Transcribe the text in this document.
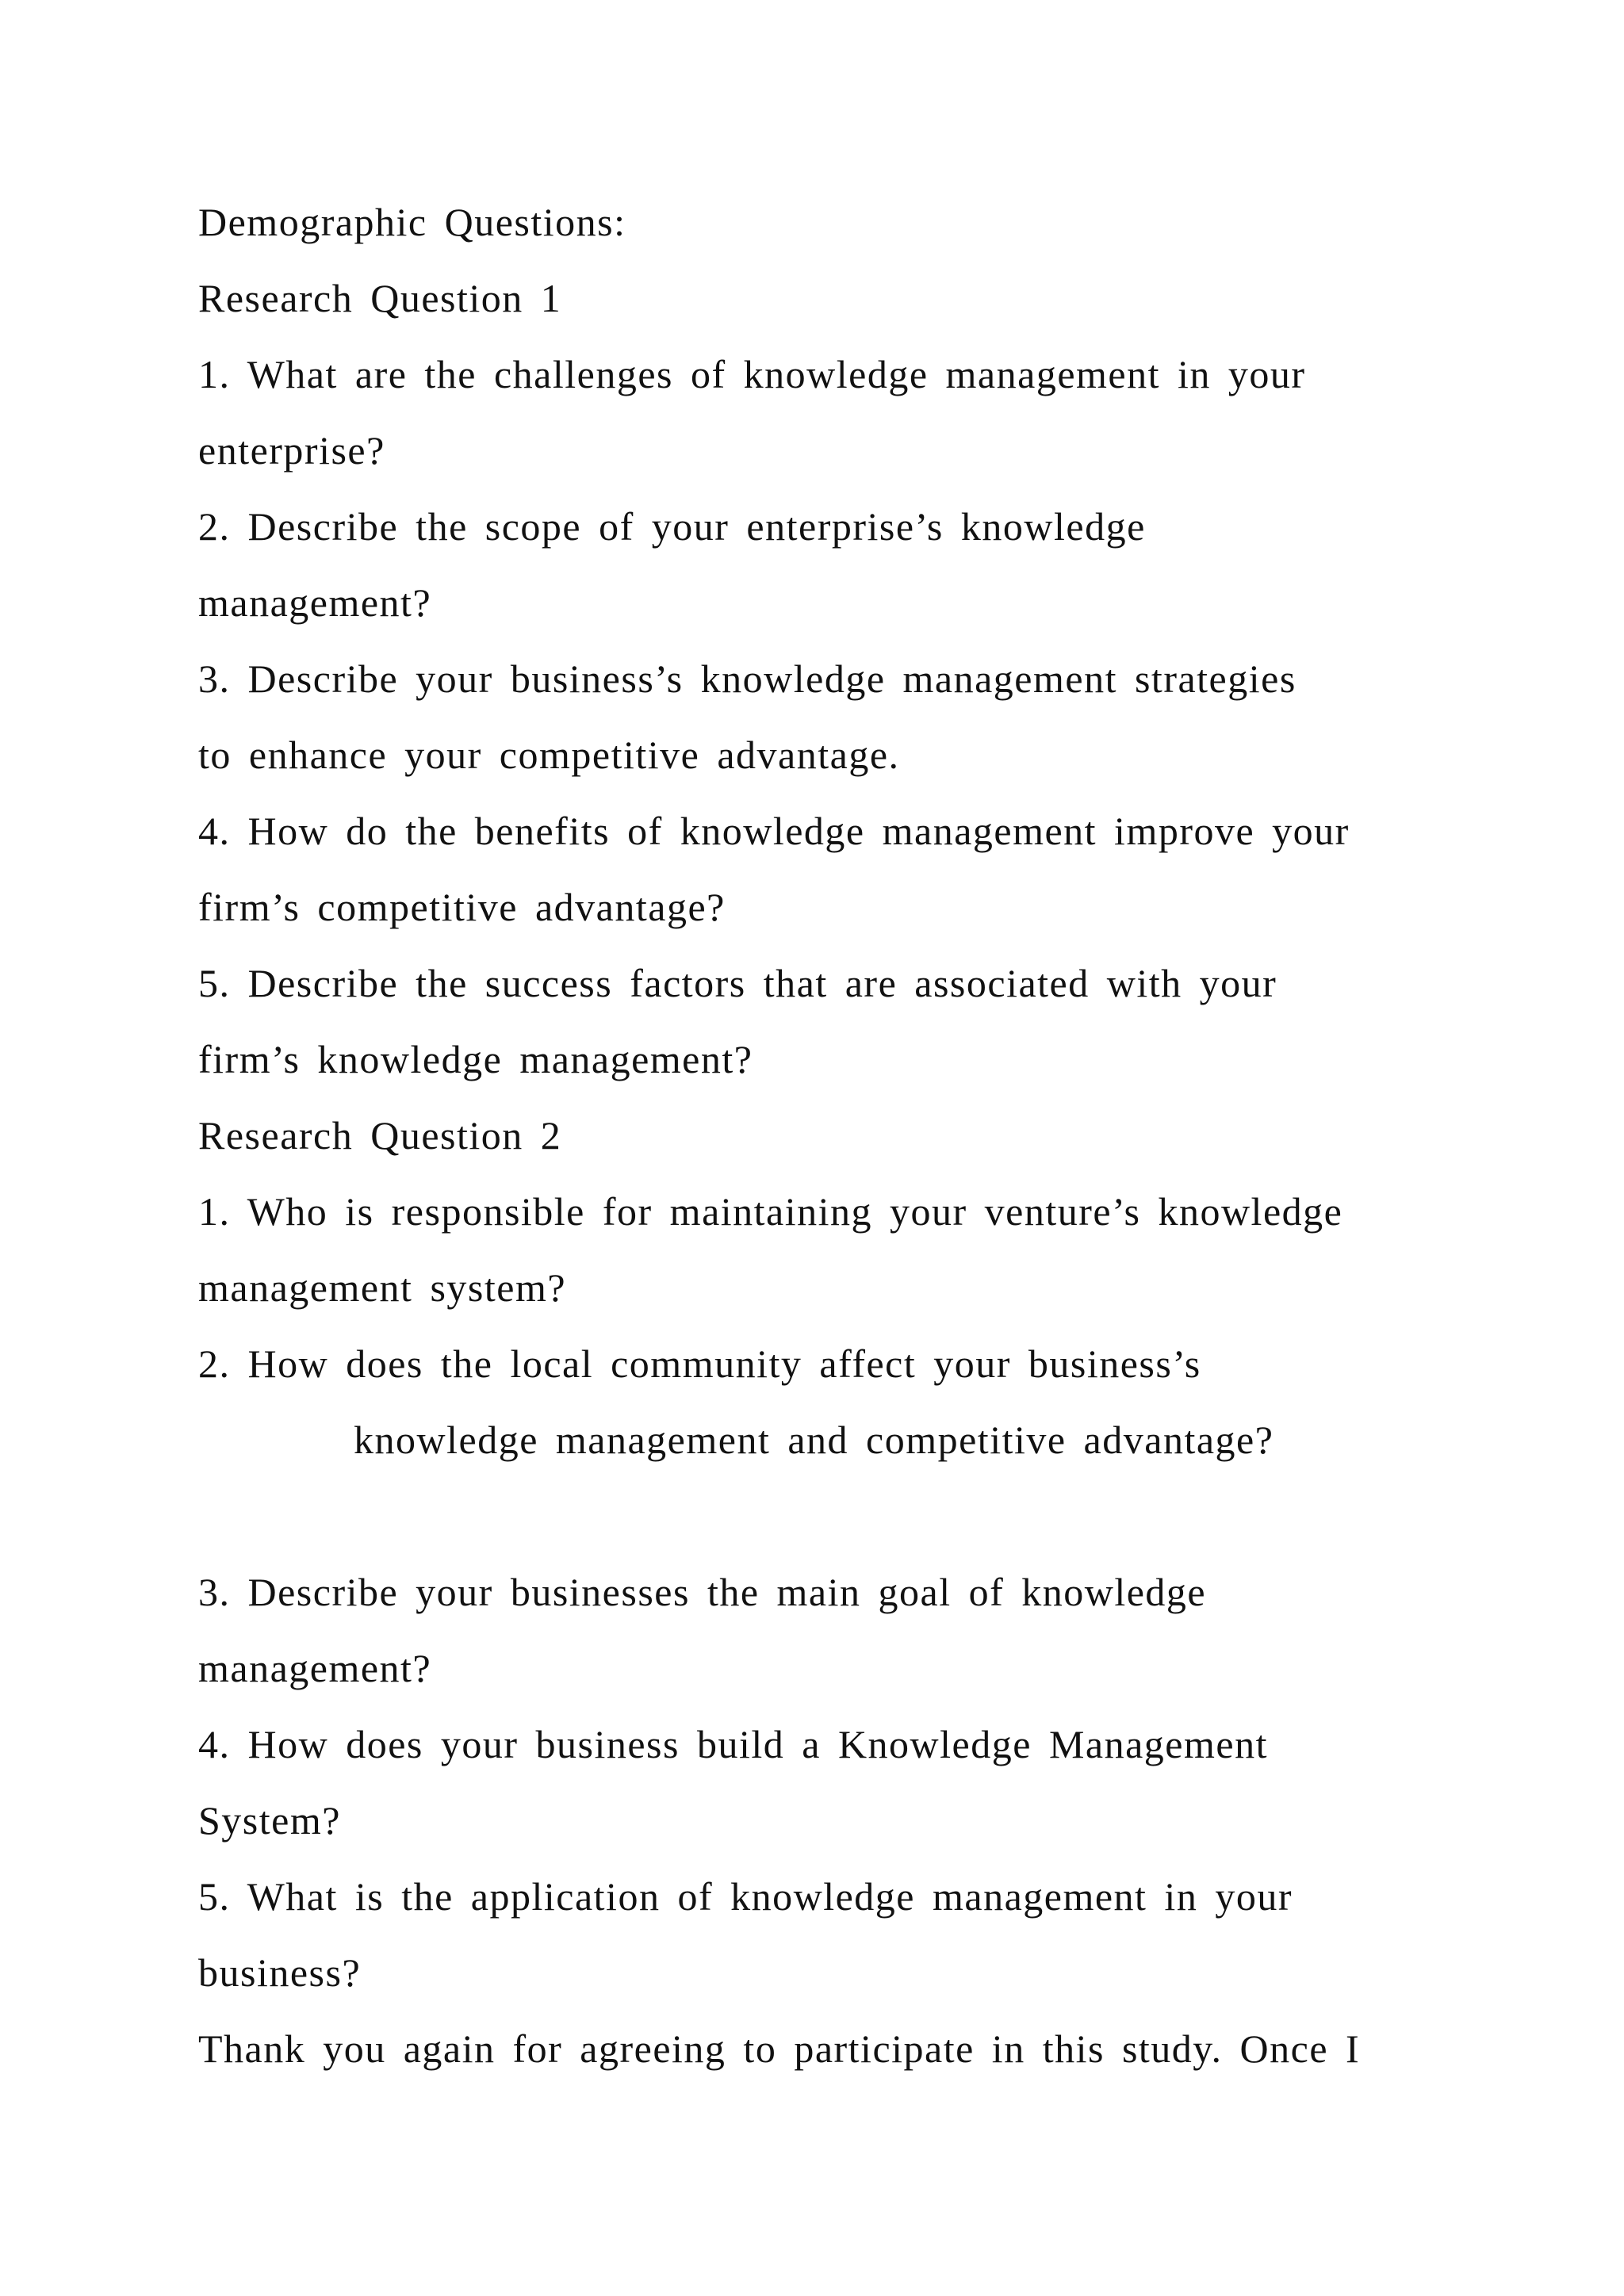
Demographic Questions:
Research Question 1
1. What are the challenges of knowledge management in your
enterprise?
2. Describe the scope of your enterprise’s knowledge
management?
3. Describe your business’s knowledge management strategies
to enhance your competitive advantage.
4. How do the benefits of knowledge management improve your
firm’s competitive advantage?
5. Describe the success factors that are associated with your
firm’s knowledge management?
Research Question 2
1. Who is responsible for maintaining your venture’s knowledge
management system?
2. How does the local community affect your business’s
knowledge management and competitive advantage?
3. Describe your businesses the main goal of knowledge
management?
4. How does your business build a Knowledge Management
System?
5. What is the application of knowledge management in your
business?
Thank you again for agreeing to participate in this study. Once I
